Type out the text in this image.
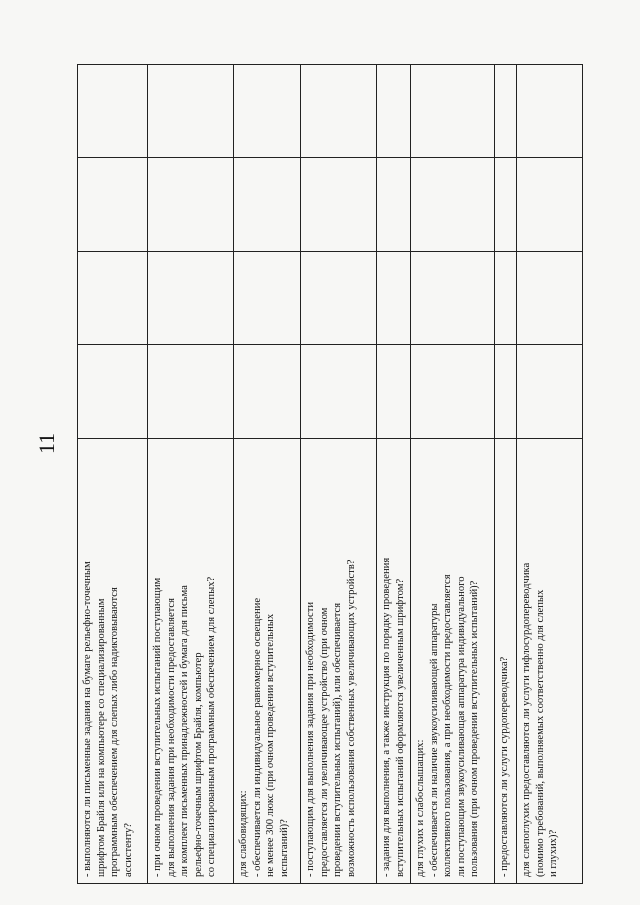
11
- выполняются ли письменные задания на бумаге рельефно-точечным шрифтом Брайля или на компьютере со специализированным программным обеспечением для слепых либо надиктовываются ассистенту?				

- при очном проведении вступительных испытаний поступающим для выполнения задания при необходимости предоставляется ли комплект письменных принадлежностей и бумага для письма рельефно-точечным шрифтом Брайля, компьютер со специализированным программным обеспечением для слепых?				

для слабовидящих: - обеспечивается ли индивидуальное равномерное освещение не менее 300 люкс (при очном проведении вступительных испытаний)?				

- поступающим для выполнения задания при необходимости предоставляется ли увеличивающее устройство (при очном проведении вступительных испытаний), или обеспечивается возможность использования собственных увеличивающих устройств?				

- задания для выполнения, а также инструкция по порядку проведения вступительных испытаний оформляются увеличенным шрифтом?				

для глухих и слабослышащих: - обеспечивается ли наличие звукоусиливающей аппаратуры коллективного пользования, а при необходимости предоставляется ли поступающим звукоусиливающая аппаратура индивидуального пользования (при очном проведении вступительных испытаний)?				

- предоставляются ли услуги сурдопереводчика?				

для слепоглухих предоставляются ли услуги тифлосурдопереводчика (помимо требований, выполняемых соответственно для слепых и глухих)?				
